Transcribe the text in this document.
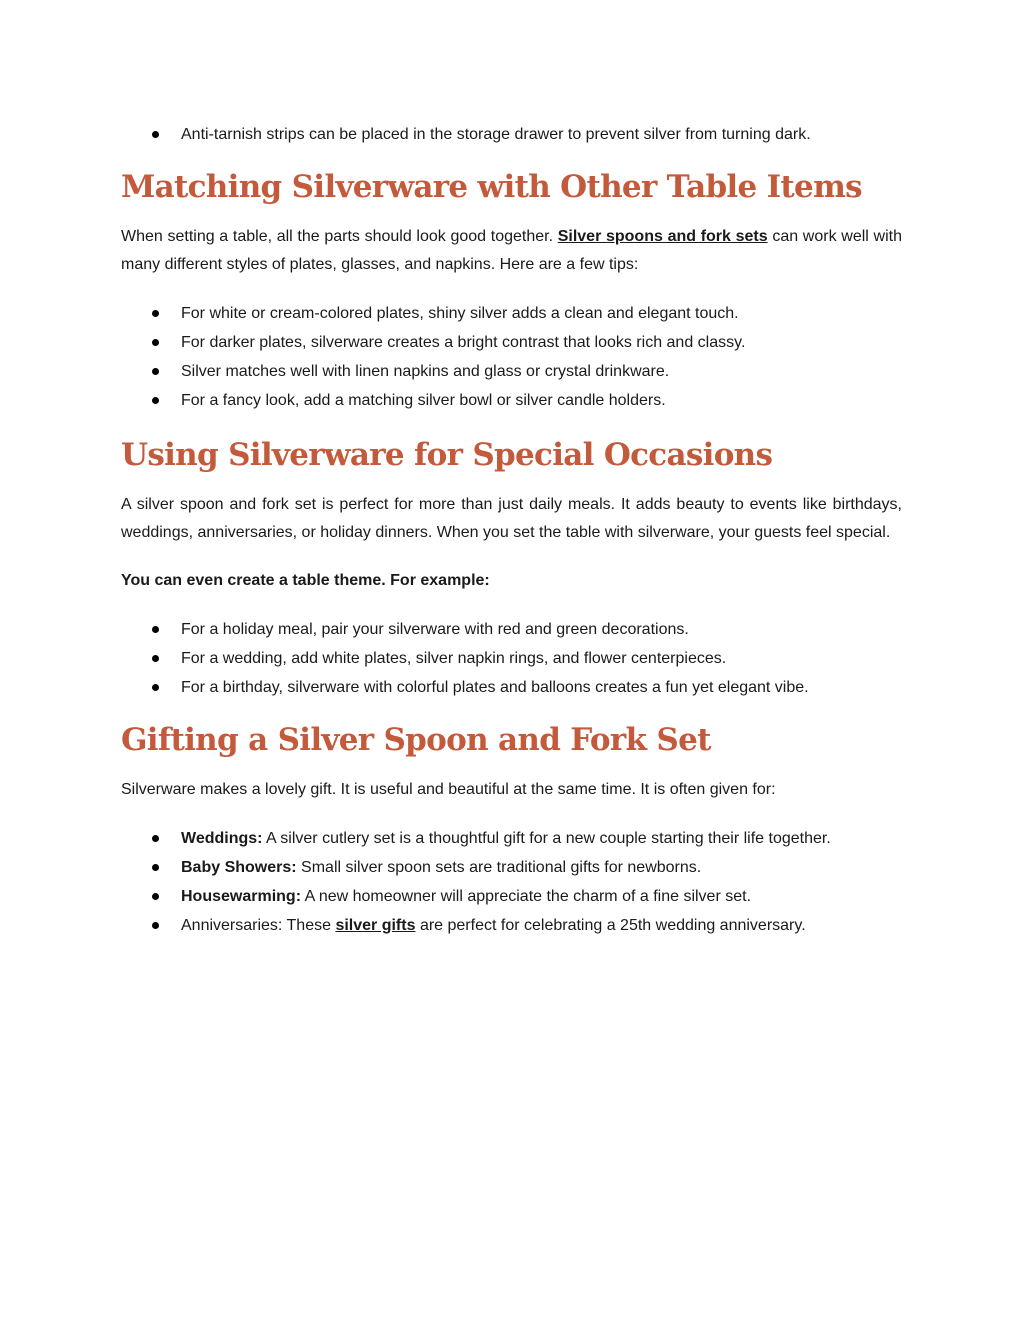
Anti-tarnish strips can be placed in the storage drawer to prevent silver from turning dark.
Matching Silverware with Other Table Items

When setting a table, all the parts should look good together. Silver spoons and fork sets can work well with many different styles of plates, glasses, and napkins. Here are a few tips:

For white or cream-colored plates, shiny silver adds a clean and elegant touch.
For darker plates, silverware creates a bright contrast that looks rich and classy.
Silver matches well with linen napkins and glass or crystal drinkware.
For a fancy look, add a matching silver bowl or silver candle holders.
Using Silverware for Special Occasions

A silver spoon and fork set is perfect for more than just daily meals. It adds beauty to events like birthdays, weddings, anniversaries, or holiday dinners. When you set the table with silverware, your guests feel special.

You can even create a table theme. For example:

For a holiday meal, pair your silverware with red and green decorations.
For a wedding, add white plates, silver napkin rings, and flower centerpieces.
For a birthday, silverware with colorful plates and balloons creates a fun yet elegant vibe.
Gifting a Silver Spoon and Fork Set

Silverware makes a lovely gift. It is useful and beautiful at the same time. It is often given for:

Weddings: A silver cutlery set is a thoughtful gift for a new couple starting their life together.
Baby Showers: Small silver spoon sets are traditional gifts for newborns.
Housewarming: A new homeowner will appreciate the charm of a fine silver set.
Anniversaries: These silver gifts are perfect for celebrating a 25th wedding anniversary.
